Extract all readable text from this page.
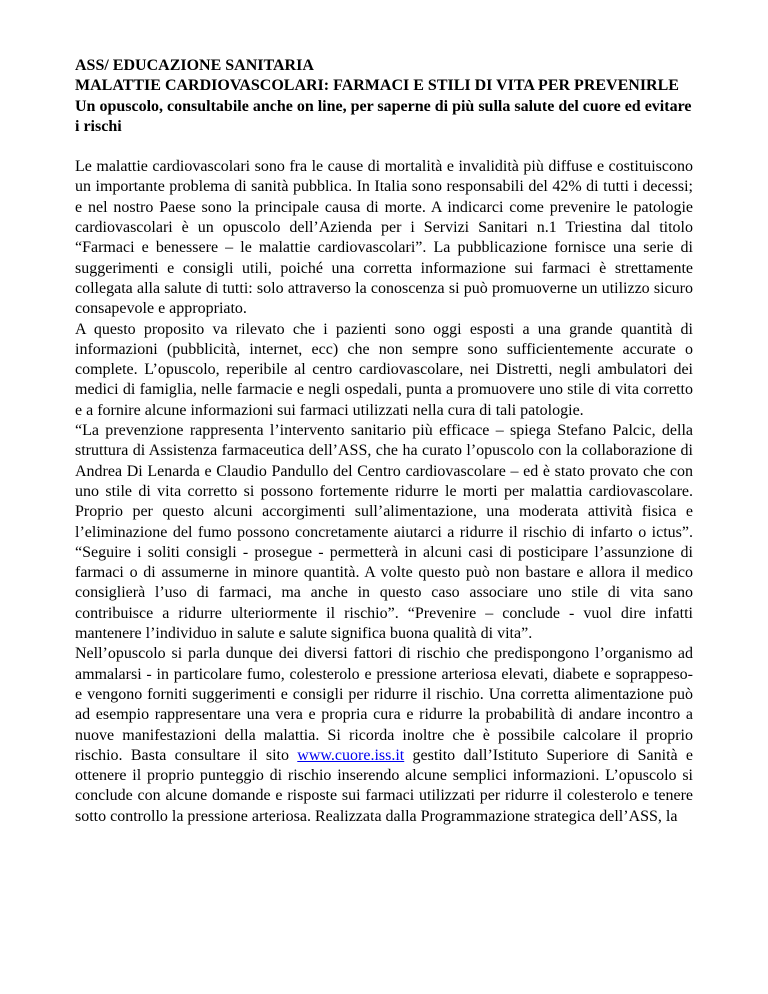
ASS/ EDUCAZIONE SANITARIA

MALATTIE CARDIOVASCOLARI: FARMACI E STILI DI VITA PER PREVENIRLE

Un opuscolo, consultabile anche on line, per saperne di più sulla salute del cuore ed evitare i rischi

Le malattie cardiovascolari sono fra le cause di mortalità e invalidità più diffuse e costituiscono un importante problema di sanità pubblica. In Italia sono responsabili del 42% di tutti i decessi; e nel nostro Paese sono la principale causa di morte. A indicarci come prevenire le patologie cardiovascolari è un opuscolo dell’Azienda per i Servizi Sanitari n.1 Triestina dal titolo “Farmaci e benessere – le malattie cardiovascolari”. La pubblicazione fornisce una serie di suggerimenti e consigli utili, poiché una corretta informazione sui farmaci è strettamente collegata alla salute di tutti: solo attraverso la conoscenza si può promuoverne un utilizzo sicuro consapevole e appropriato.

A questo proposito va rilevato che i pazienti sono oggi esposti a una grande quantità di informazioni (pubblicità, internet, ecc) che non sempre sono sufficientemente accurate o complete. L’opuscolo, reperibile al centro cardiovascolare, nei Distretti, negli ambulatori dei medici di famiglia, nelle farmacie e negli ospedali, punta a promuovere uno stile di vita corretto e a fornire alcune informazioni sui farmaci utilizzati nella cura di tali patologie.

“La prevenzione rappresenta l’intervento sanitario più efficace – spiega Stefano Palcic, della struttura di Assistenza farmaceutica dell’ASS, che ha curato l’opuscolo con la collaborazione di Andrea Di Lenarda e Claudio Pandullo del Centro cardiovascolare – ed è stato provato che con uno stile di vita corretto si possono fortemente ridurre le morti per malattia cardiovascolare. Proprio per questo alcuni accorgimenti sull’alimentazione, una moderata attività fisica e l’eliminazione del fumo possono concretamente aiutarci a ridurre il rischio di infarto o ictus”. “Seguire i soliti consigli - prosegue - permetterà in alcuni casi di posticipare l’assunzione di farmaci o di assumerne in minore quantità. A volte questo può non bastare e allora il medico consiglierà l’uso di farmaci, ma anche in questo caso associare uno stile di vita sano contribuisce a ridurre ulteriormente il rischio”. “Prevenire – conclude - vuol dire infatti mantenere l’individuo in salute e salute significa buona qualità di vita”.

Nell’opuscolo si parla dunque dei diversi fattori di rischio che predispongono l’organismo ad ammalarsi - in particolare fumo, colesterolo e pressione arteriosa elevati, diabete e soprappeso- e vengono forniti suggerimenti e consigli per ridurre il rischio. Una corretta alimentazione può ad esempio rappresentare una vera e propria cura e ridurre la probabilità di andare incontro a nuove manifestazioni della malattia. Si ricorda inoltre che è possibile calcolare il proprio rischio. Basta consultare il sito www.cuore.iss.it gestito dall’Istituto Superiore di Sanità e ottenere il proprio punteggio di rischio inserendo alcune semplici informazioni. L’opuscolo si conclude con alcune domande e risposte sui farmaci utilizzati per ridurre il colesterolo e tenere sotto controllo la pressione arteriosa. Realizzata dalla Programmazione strategica dell’ASS, la
